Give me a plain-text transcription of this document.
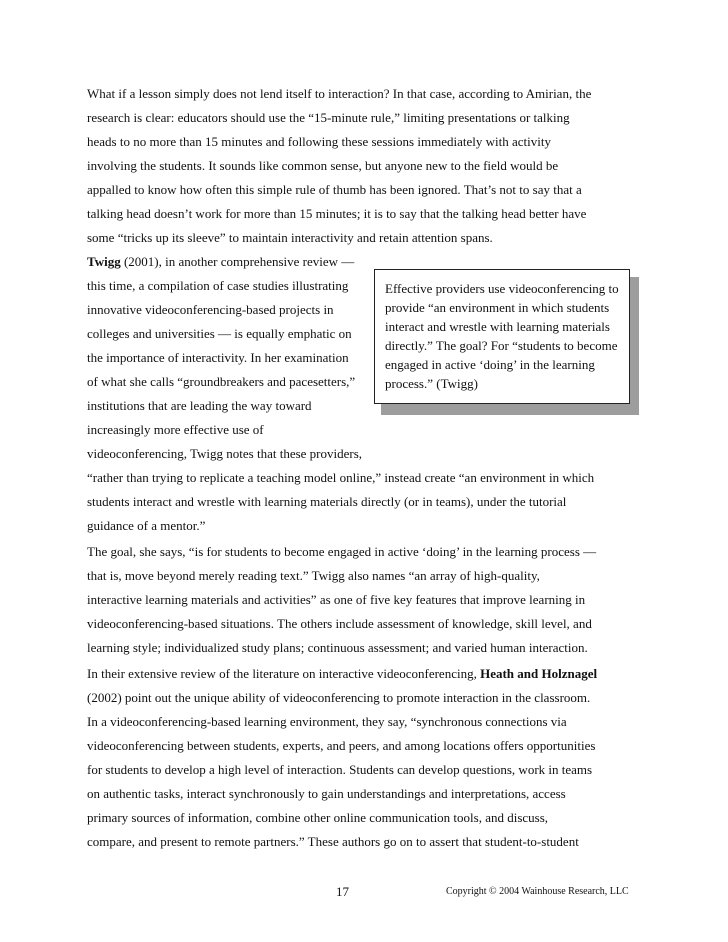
What if a lesson simply does not lend itself to interaction? In that case, according to Amirian, the
research is clear: educators should use the “15-minute rule,” limiting presentations or talking
heads to no more than 15 minutes and following these sessions immediately with activity
involving the students. It sounds like common sense, but anyone new to the field would be
appalled to know how often this simple rule of thumb has been ignored. That’s not to say that a
talking head doesn’t work for more than 15 minutes; it is to say that the talking head better have
some “tricks up its sleeve” to maintain interactivity and retain attention spans.
Twigg (2001), in another comprehensive review —
this time, a compilation of case studies illustrating
innovative videoconferencing-based projects in
colleges and universities — is equally emphatic on
the importance of interactivity. In her examination
of what she calls “groundbreakers and pacesetters,”
institutions that are leading the way toward
increasingly more effective use of
videoconferencing, Twigg notes that these providers,
“rather than trying to replicate a teaching model online,” instead create “an environment in which
students interact and wrestle with learning materials directly (or in teams), under the tutorial
guidance of a mentor.”
Effective providers use videoconferencing to
provide “an environment in which students
interact and wrestle with learning materials
directly.” The goal? For “students to become
engaged in active ‘doing’ in the learning
process.” (Twigg)
The goal, she says, “is for students to become engaged in active ‘doing’ in the learning process —
that is, move beyond merely reading text.” Twigg also names “an array of high-quality,
interactive learning materials and activities” as one of five key features that improve learning in
videoconferencing-based situations. The others include assessment of knowledge, skill level, and
learning style; individualized study plans; continuous assessment; and varied human interaction.
In their extensive review of the literature on interactive videoconferencing, Heath and Holznagel
(2002) point out the unique ability of videoconferencing to promote interaction in the classroom.
In a videoconferencing-based learning environment, they say, “synchronous connections via
videoconferencing between students, experts, and peers, and among locations offers opportunities
for students to develop a high level of interaction. Students can develop questions, work in teams
on authentic tasks, interact synchronously to gain understandings and interpretations, access
primary sources of information, combine other online communication tools, and discuss,
compare, and present to remote partners.” These authors go on to assert that student-to-student
17	Copyright © 2004 Wainhouse Research, LLC
